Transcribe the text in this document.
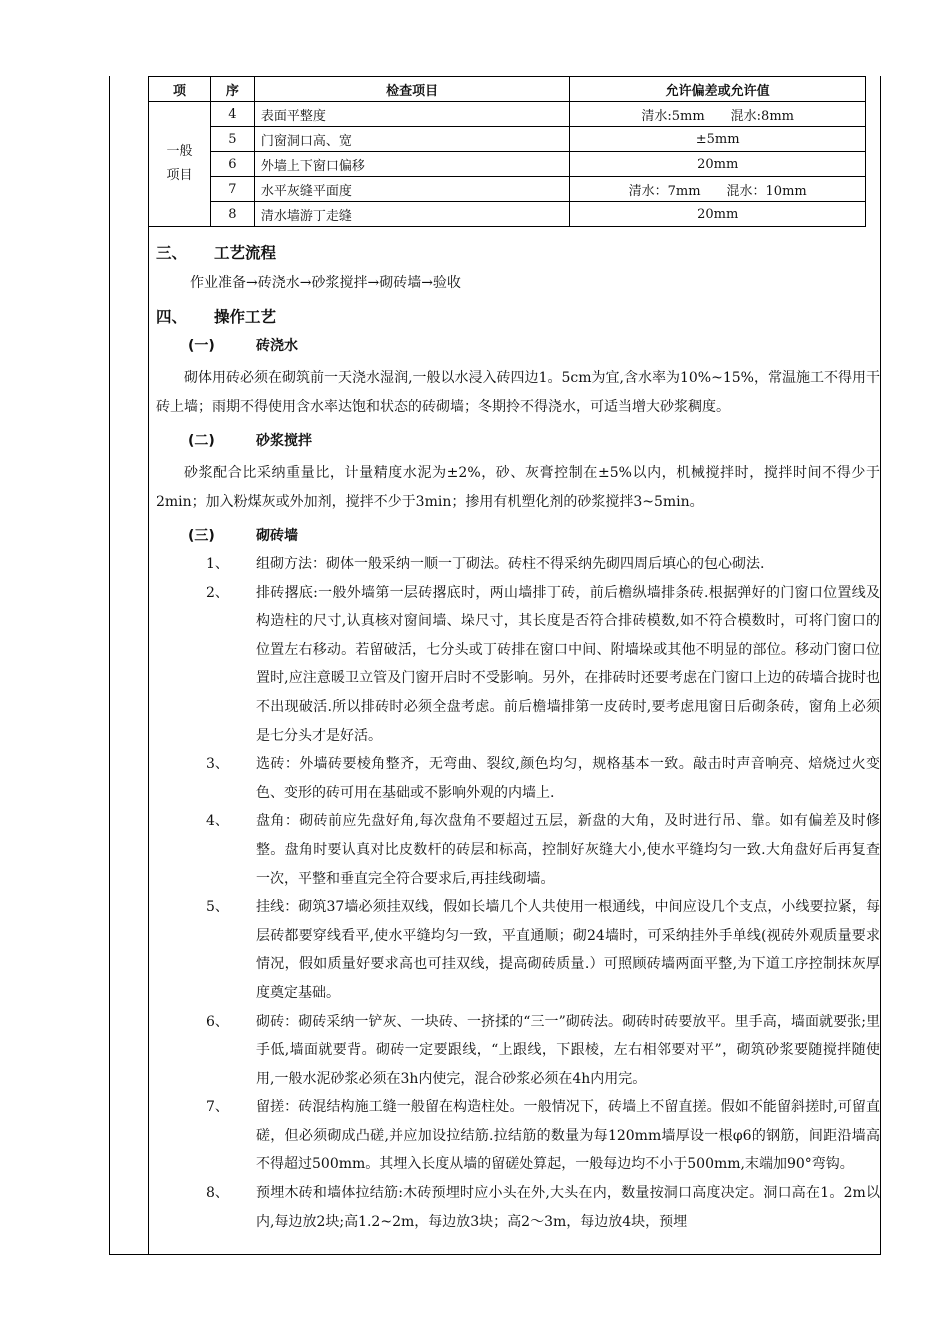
项	序	检查项目	允许偏差或允许值
一般
项目	4	表面平整度	清水:5mm　　混水:8mm
	5	门窗洞口高、宽	±5mm
	6	外墙上下窗口偏移	20mm
	7	水平灰缝平面度	清水：7mm　　混水：10mm
	8	清水墙游丁走缝	20mm
三、 工艺流程
作业准备→砖浇水→砂浆搅拌→砌砖墙→验收
四、 操作工艺
(一)	砖浇水
砌体用砖必须在砌筑前一天浇水湿润,一般以水浸入砖四边1。5cm为宜,含水率为10%~15%，常温施工不得用干砖上墙；雨期不得使用含水率达饱和状态的砖砌墙；冬期拎不得浇水，可适当增大砂浆稠度。
(二)	砂浆搅拌
砂浆配合比采纳重量比，计量精度水泥为±2%，砂、灰膏控制在±5%以内，机械搅拌时，搅拌时间不得少于2min；加入粉煤灰或外加剂，搅拌不少于3min；掺用有机塑化剂的砂浆搅拌3~5min。
(三)	砌砖墙
1、	组砌方法：砌体一般采纳一顺一丁砌法。砖柱不得采纳先砌四周后填心的包心砌法.
2、	排砖撂底:一般外墙第一层砖撂底时，两山墙排丁砖，前后檐纵墙排条砖.根据弹好的门窗口位置线及构造柱的尺寸,认真核对窗间墙、垛尺寸，其长度是否符合排砖模数,如不符合模数时，可将门窗口的位置左右移动。若留破活，七分头或丁砖排在窗口中间、附墙垛或其他不明显的部位。移动门窗口位置时,应注意暖卫立管及门窗开启时不受影响。另外，在排砖时还要考虑在门窗口上边的砖墙合拢时也不出现破活.所以排砖时必须全盘考虑。前后檐墙排第一皮砖时,要考虑甩窗日后砌条砖，窗角上必须是七分头才是好活。
3、	选砖：外墙砖要棱角整齐，无弯曲、裂纹,颜色均匀，规格基本一致。敲击时声音响亮、焙烧过火变色、变形的砖可用在基础或不影响外观的内墙上.
4、	盘角：砌砖前应先盘好角,每次盘角不要超过五层，新盘的大角，及时进行吊、靠。如有偏差及时修整。盘角时要认真对比皮数杆的砖层和标高，控制好灰缝大小,使水平缝均匀一致.大角盘好后再复查一次，平整和垂直完全符合要求后,再挂线砌墙。
5、	挂线：砌筑37墙必须挂双线，假如长墙几个人共使用一根通线，中间应设几个支点，小线要拉紧，每层砖都要穿线看平,使水平缝均匀一致，平直通顺；砌24墙时，可采纳挂外手单线(视砖外观质量要求情况，假如质量好要求高也可挂双线，提高砌砖质量.）可照顾砖墙两面平整,为下道工序控制抹灰厚度奠定基础。
6、	砌砖：砌砖采纳一铲灰、一块砖、一挤揉的“三一”砌砖法。砌砖时砖要放平。里手高，墙面就要张;里手低,墙面就要背。砌砖一定要跟线，“上跟线，下跟棱，左右相邻要对平”，砌筑砂浆要随搅拌随使用,一般水泥砂浆必须在3h内使完，混合砂浆必须在4h内用完。
7、	留搓：砖混结构施工缝一般留在构造柱处。一般情况下，砖墙上不留直搓。假如不能留斜搓时,可留直磋，但必须砌成凸磋,并应加设拉结筋.拉结筋的数量为每120mm墙厚设一根φ6的钢筋，间距沿墙高不得超过500mm。其埋入长度从墙的留磋处算起，一般每边均不小于500mm,末端加90°弯钩。
8、	预埋木砖和墙体拉结筋:木砖预埋时应小头在外,大头在内，数量按洞口高度决定。洞口高在1。2m以内,每边放2块;高1.2~2m，每边放3块；高2～3m，每边放4块，预埋
